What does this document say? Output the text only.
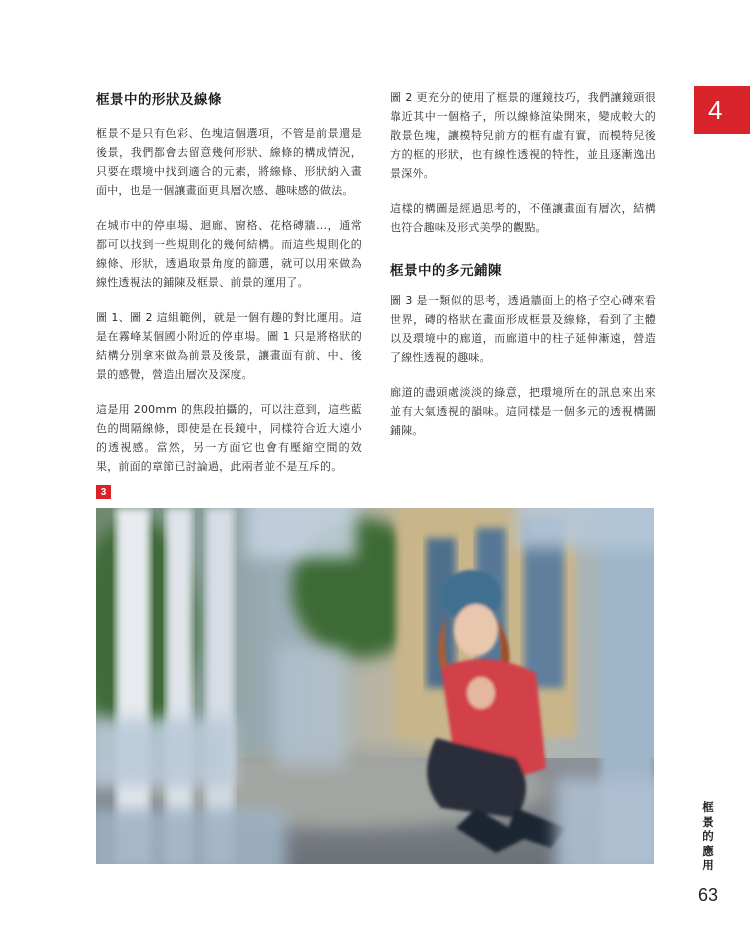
框景中的形狀及線條

框景不是只有色彩、色塊這個選項，不管是前景還是後景，我們都會去留意幾何形狀、線條的構成情況，只要在環境中找到適合的元素，將線條、形狀納入畫面中，也是一個讓畫面更具層次感、趣味感的做法。

在城市中的停車場、迴廊、窗格、花格磚牆…，通常都可以找到一些規則化的幾何結構。而這些規則化的線條、形狀，透過取景角度的篩選，就可以用來做為線性透視法的鋪陳及框景、前景的運用了。

圖 1、圖 2 這組範例，就是一個有趣的對比運用。這是在霧峰某個國小附近的停車場。圖 1 只是將格狀的結構分別拿來做為前景及後景，讓畫面有前、中、後景的感覺，營造出層次及深度。

這是用 200mm 的焦段拍攝的，可以注意到，這些藍色的間隔線條，即使是在長鏡中，同樣符合近大遠小的透視感。當然，另一方面它也會有壓縮空間的效果，前面的章節已討論過，此兩者並不是互斥的。

圖 2 更充分的使用了框景的運鏡技巧，我們讓鏡頭很靠近其中一個格子，所以線條渲染開來，變成較大的散景色塊，讓模特兒前方的框有虛有實，而模特兒後方的框的形狀，也有線性透視的特性，並且逐漸逸出景深外。

這樣的構圖是經過思考的，不僅讓畫面有層次，結構也符合趣味及形式美學的觀點。

框景中的多元鋪陳

圖 3 是一類似的思考，透過牆面上的格子空心磚來看世界，磚的格狀在畫面形成框景及線條，看到了主體以及環境中的廊道，而廊道中的柱子延伸漸遠，營造了線性透視的趣味。

廊道的盡頭處淡淡的綠意，把環境所在的訊息來出來並有大氣透視的韻味。這同樣是一個多元的透視構圖鋪陳。

4
3
框景的應用
63
